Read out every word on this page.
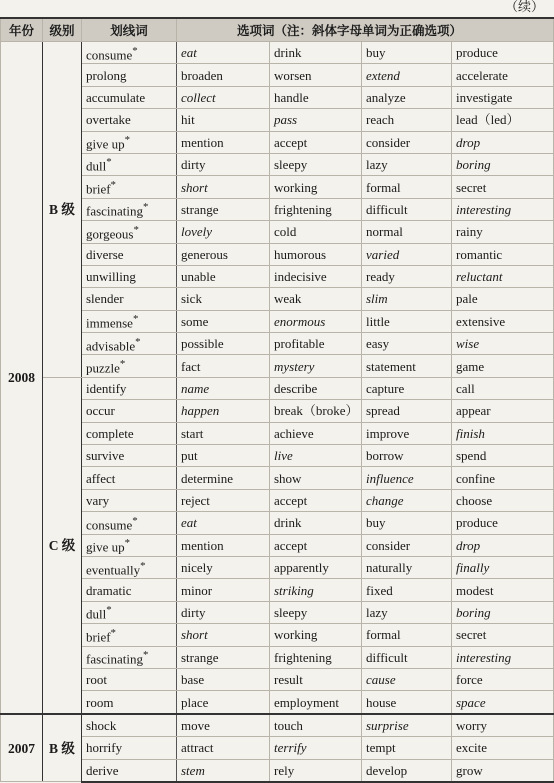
（续）
年份	级别	划线词	选项词（注：斜体字母单词为正确选项）			
2008	B 级	consume*	eat	drink	buy	produce
		prolong	broaden	worsen	extend	accelerate
		accumulate	collect	handle	analyze	investigate
		overtake	hit	pass	reach	lead（led）
		give up*	mention	accept	consider	drop
		dull*	dirty	sleepy	lazy	boring
		brief*	short	working	formal	secret
		fascinating*	strange	frightening	difficult	interesting
		gorgeous*	lovely	cold	normal	rainy
		diverse	generous	humorous	varied	romantic
		unwilling	unable	indecisive	ready	reluctant
		slender	sick	weak	slim	pale
		immense*	some	enormous	little	extensive
		advisable*	possible	profitable	easy	wise
		puzzle*	fact	mystery	statement	game
	C 级	identify	name	describe	capture	call
		occur	happen	break（broke）	spread	appear
		complete	start	achieve	improve	finish
		survive	put	live	borrow	spend
		affect	determine	show	influence	confine
		vary	reject	accept	change	choose
		consume*	eat	drink	buy	produce
		give up*	mention	accept	consider	drop
		eventually*	nicely	apparently	naturally	finally
		dramatic	minor	striking	fixed	modest
		dull*	dirty	sleepy	lazy	boring
		brief*	short	working	formal	secret
		fascinating*	strange	frightening	difficult	interesting
		root	base	result	cause	force
		room	place	employment	house	space
2007	B 级	shock	move	touch	surprise	worry
		horrify	attract	terrify	tempt	excite
		derive	stem	rely	develop	grow
